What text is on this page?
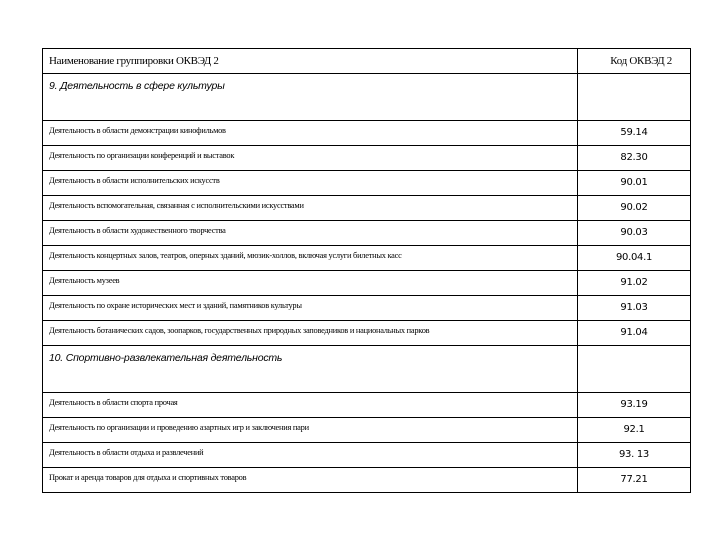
Наименование группировки ОКВЭД 2	Код ОКВЭД 2

9. Деятельность в сфере культуры	

Деятельность в области демонстрации кинофильмов	59.14

Деятельность по организации конференций и выставок	82.30

Деятельность в области исполнительских искусств	90.01

Деятельность вспомогательная, связанная с исполнительскими искусствами	90.02

Деятельность в области художественного творчества	90.03

Деятельность концертных залов, театров, оперных зданий, мюзик-холлов, включая услуги билетных касс	90.04.1

Деятельность музеев	91.02

Деятельность по охране исторических мест и зданий, памятников культуры	91.03

Деятельность ботанических садов, зоопарков, государственных природных заповедников и национальных парков	91.04

10. Спортивно-развлекательная деятельность	

Деятельность в области спорта прочая	93.19

Деятельность по организации и проведению азартных игр и заключения пари	92.1

Деятельность в области отдыха и развлечений	93. 13

Прокат и аренда товаров для отдыха и спортивных товаров	77.21
